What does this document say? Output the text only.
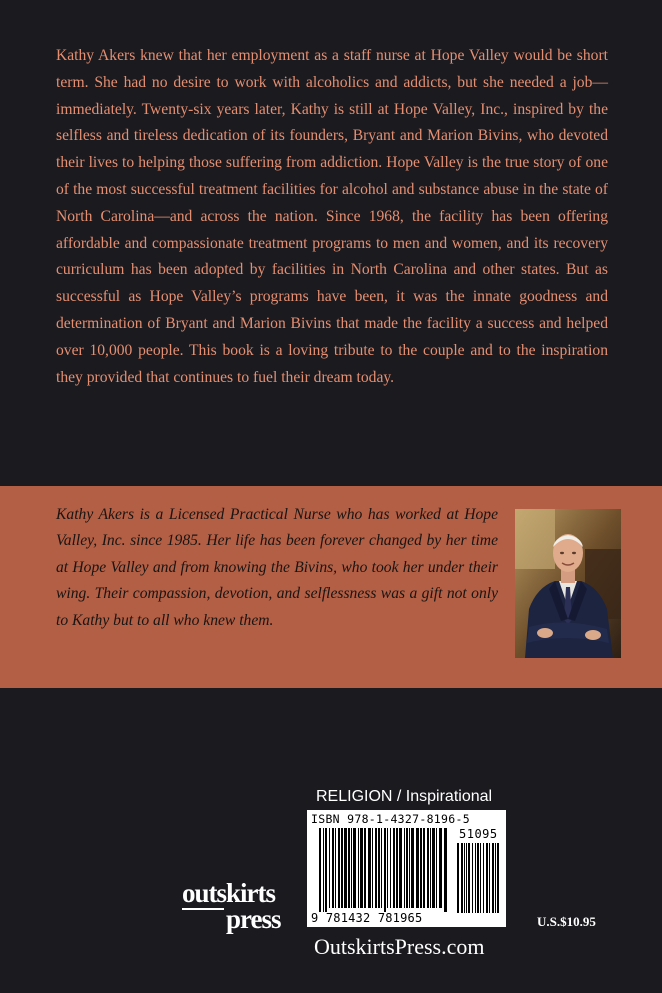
Kathy Akers knew that her employment as a staff nurse at Hope Valley would be short term. She had no desire to work with alcoholics and addicts, but she needed a job—immediately. Twenty-six years later, Kathy is still at Hope Valley, Inc., inspired by the selfless and tireless dedication of its founders, Bryant and Marion Bivins, who devoted their lives to helping those suffering from addiction. Hope Valley is the true story of one of the most successful treatment facilities for alcohol and substance abuse in the state of North Carolina—and across the nation. Since 1968, the facility has been offering affordable and compassionate treatment programs to men and women, and its recovery curriculum has been adopted by facilities in North Carolina and other states. But as successful as Hope Valley’s programs have been, it was the innate goodness and determination of Bryant and Marion Bivins that made the facility a success and helped over 10,000 people. This book is a loving tribute to the couple and to the inspiration they provided that continues to fuel their dream today.

Kathy Akers is a Licensed Practical Nurse who has worked at Hope Valley, Inc. since 1985. Her life has been forever changed by her time at Hope Valley and from knowing the Bivins, who took her under their wing. Their compassion, devotion, and selflessness was a gift not only to Kathy but to all who knew them.

RELIGION / Inspirational
ISBN 978-1-4327-8196-5
51095
9 781432 781965
outskirts
press	U.S.$10.95
OutskirtsPress.com
